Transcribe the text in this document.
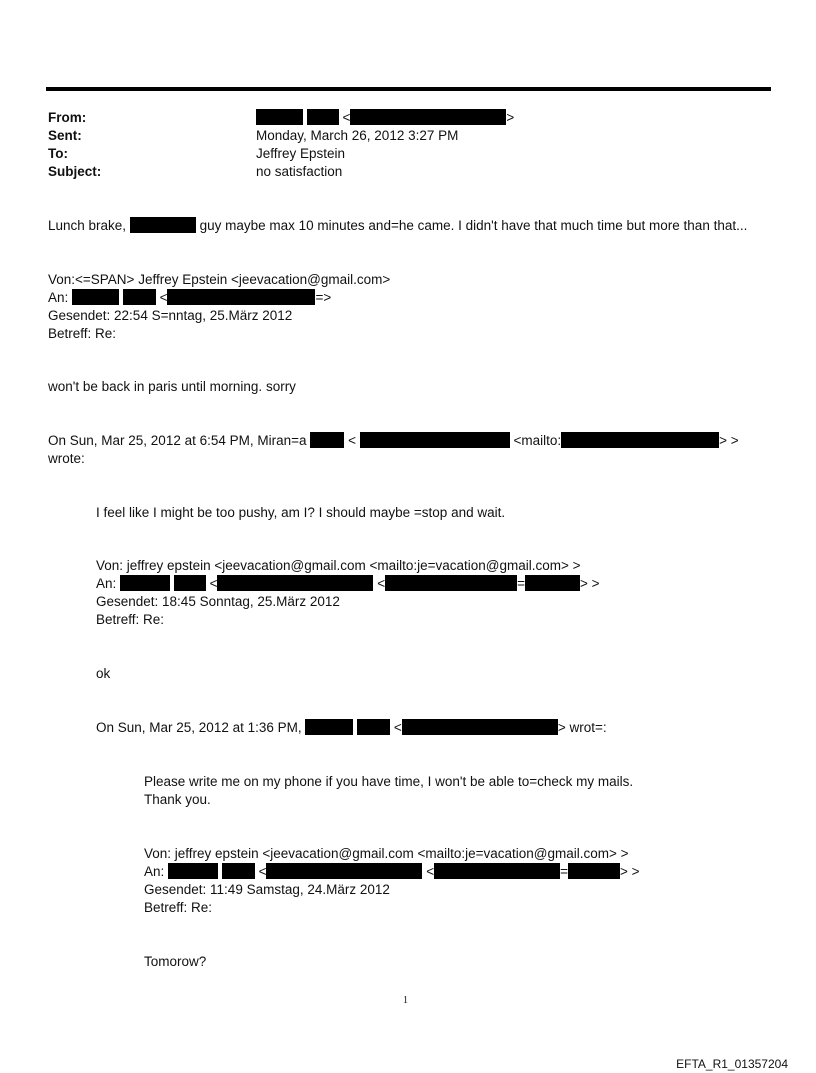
From:	<	>
Sent:	Monday, March 26, 2012 3:27 PM
To:	Jeffrey Epstein
Subject:	no satisfaction
Lunch brake,	guy maybe max 10 minutes and=he came. I didn't have that much time but more than that...
Von:<=SPAN> Jeffrey Epstein <jeevacation@gmail.com>
An:	<	=>
Gesendet: 22:54 S=nntag, 25.März 2012
Betreff: Re:
won't be back in paris until morning. sorry
On Sun, Mar 25, 2012 at 6:54 PM, Miran=a	<	<mailto:	> >
wrote:
I feel like I might be too pushy, am I? I should maybe =stop and wait.
Von: jeffrey epstein <jeevacation@gmail.com <mailto:je=vacation@gmail.com> >
An:	<	<	=	> >
Gesendet: 18:45 Sonntag, 25.März 2012
Betreff: Re:
ok
On Sun, Mar 25, 2012 at 1:36 PM,	<	> wrot=:
Please write me on my phone if you have time, I won't be able to=check my mails.
Thank you.
Von: jeffrey epstein <jeevacation@gmail.com <mailto:je=vacation@gmail.com> >
An:	<	<	=	> >
Gesendet: 11:49 Samstag, 24.März 2012
Betreff: Re:
Tomorow?
1
EFTA_R1_01357204
